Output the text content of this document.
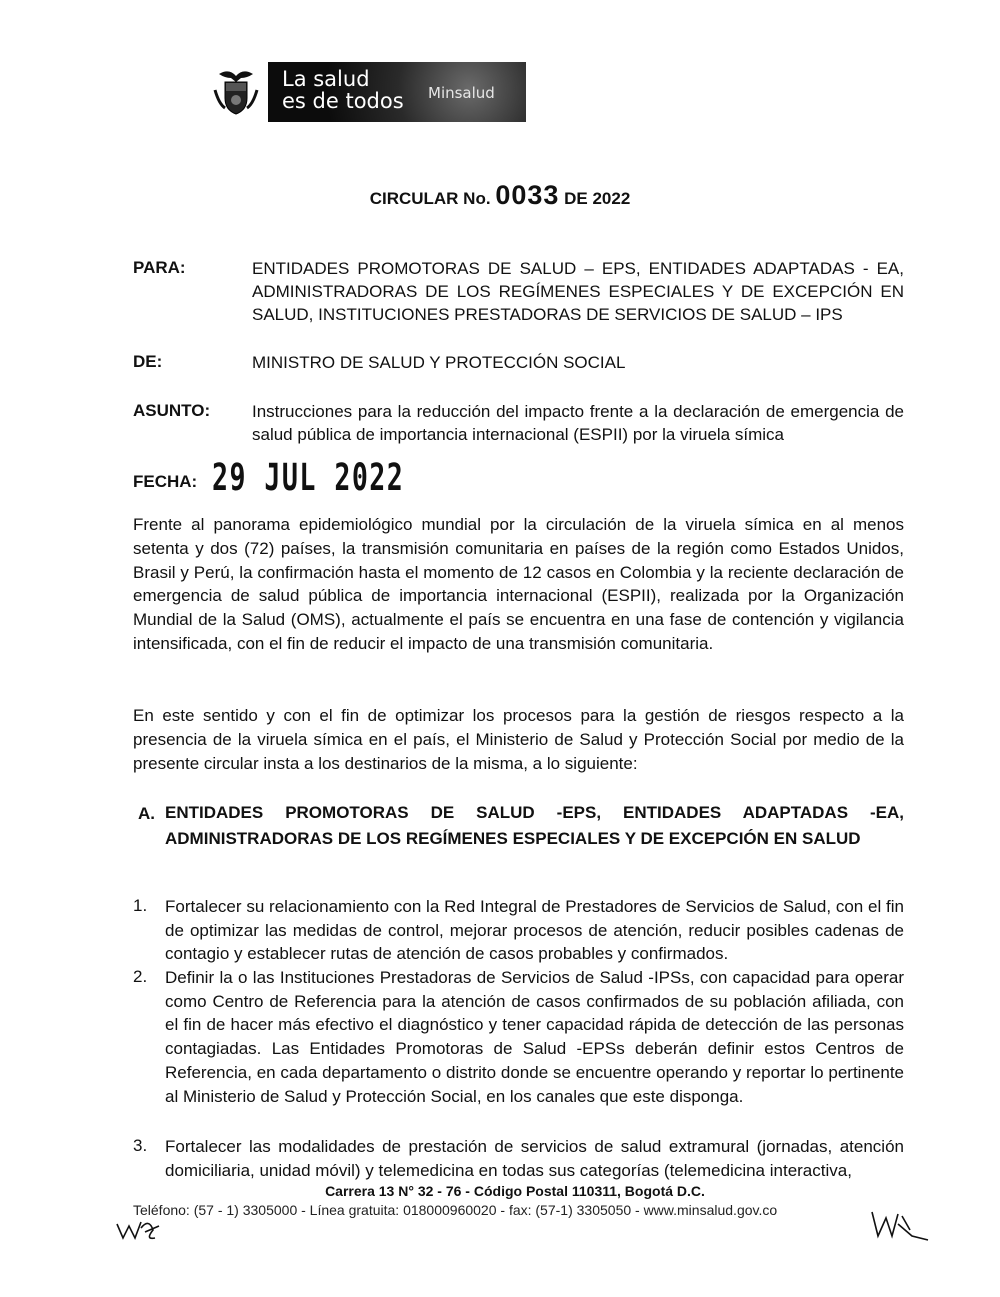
La salud
es de todos Minsalud
CIRCULAR No. 0033 DE 2022
PARA:	ENTIDADES PROMOTORAS DE SALUD – EPS, ENTIDADES ADAPTADAS - EA, ADMINISTRADORAS DE LOS REGÍMENES ESPECIALES Y DE EXCEPCIÓN EN SALUD, INSTITUCIONES PRESTADORAS DE SERVICIOS DE SALUD – IPS
DE:	MINISTRO DE SALUD Y PROTECCIÓN SOCIAL
ASUNTO: Instrucciones para la reducción del impacto frente a la declaración de emergencia de salud pública de importancia internacional (ESPII) por la viruela símica
FECHA: 29 JUL 2022
Frente al panorama epidemiológico mundial por la circulación de la viruela símica en al menos setenta y dos (72) países, la transmisión comunitaria en países de la región como Estados Unidos, Brasil y Perú, la confirmación hasta el momento de 12 casos en Colombia y la reciente declaración de emergencia de salud pública de importancia internacional (ESPII), realizada por la Organización Mundial de la Salud (OMS), actualmente el país se encuentra en una fase de contención y vigilancia intensificada, con el fin de reducir el impacto de una transmisión comunitaria.
En este sentido y con el fin de optimizar los procesos para la gestión de riesgos respecto a la presencia de la viruela símica en el país, el Ministerio de Salud y Protección Social por medio de la presente circular insta a los destinarios de la misma, a lo siguiente:
A. ENTIDADES PROMOTORAS DE SALUD -EPS, ENTIDADES ADAPTADAS -EA, ADMINISTRADORAS DE LOS REGÍMENES ESPECIALES Y DE EXCEPCIÓN EN SALUD
1. Fortalecer su relacionamiento con la Red Integral de Prestadores de Servicios de Salud, con el fin de optimizar las medidas de control, mejorar procesos de atención, reducir posibles cadenas de contagio y establecer rutas de atención de casos probables y confirmados.
2. Definir la o las Instituciones Prestadoras de Servicios de Salud -IPSs, con capacidad para operar como Centro de Referencia para la atención de casos confirmados de su población afiliada, con el fin de hacer más efectivo el diagnóstico y tener capacidad rápida de detección de las personas contagiadas. Las Entidades Promotoras de Salud -EPSs deberán definir estos Centros de Referencia, en cada departamento o distrito donde se encuentre operando y reportar lo pertinente al Ministerio de Salud y Protección Social, en los canales que este disponga.
3. Fortalecer las modalidades de prestación de servicios de salud extramural (jornadas, atención domiciliaria, unidad móvil) y telemedicina en todas sus categorías (telemedicina interactiva,
Carrera 13 N° 32 - 76 - Código Postal 110311, Bogotá D.C.
Teléfono: (57 - 1) 3305000 - Línea gratuita: 018000960020 - fax: (57-1) 3305050 - www.minsalud.gov.co
